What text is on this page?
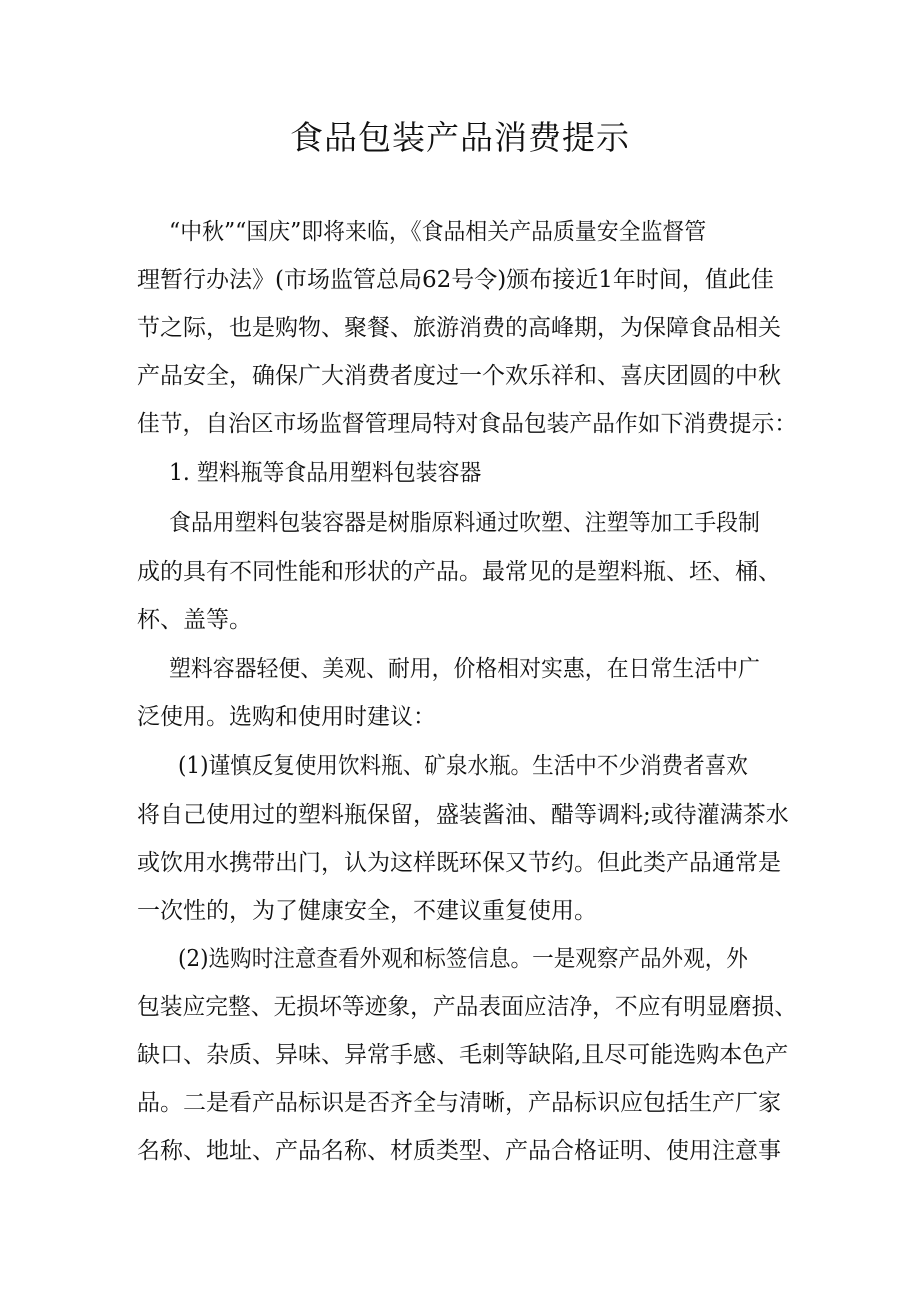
食品包装产品消费提示
“中秋”“国庆”即将来临，《食品相关产品质量安全监督管
理暂行办法》(市场监管总局62号令)颁布接近1年时间，值此佳
节之际，也是购物、聚餐、旅游消费的高峰期，为保障食品相关
产品安全，确保广大消费者度过一个欢乐祥和、喜庆团圆的中秋
佳节，自治区市场监督管理局特对食品包装产品作如下消费提示：
1. 塑料瓶等食品用塑料包装容器
食品用塑料包装容器是树脂原料通过吹塑、注塑等加工手段制
成的具有不同性能和形状的产品。最常见的是塑料瓶、坯、桶、
杯、盖等。
塑料容器轻便、美观、耐用，价格相对实惠，在日常生活中广
泛使用。选购和使用时建议：
(1)谨慎反复使用饮料瓶、矿泉水瓶。生活中不少消费者喜欢
将自己使用过的塑料瓶保留，盛装酱油、醋等调料;或待灌满茶水
或饮用水携带出门，认为这样既环保又节约。但此类产品通常是
一次性的，为了健康安全，不建议重复使用。
(2)选购时注意查看外观和标签信息。一是观察产品外观，外
包装应完整、无损坏等迹象，产品表面应洁净，不应有明显磨损、
缺口、杂质、异味、异常手感、毛刺等缺陷,且尽可能选购本色产
品。二是看产品标识是否齐全与清晰，产品标识应包括生产厂家
名称、地址、产品名称、材质类型、产品合格证明、使用注意事
